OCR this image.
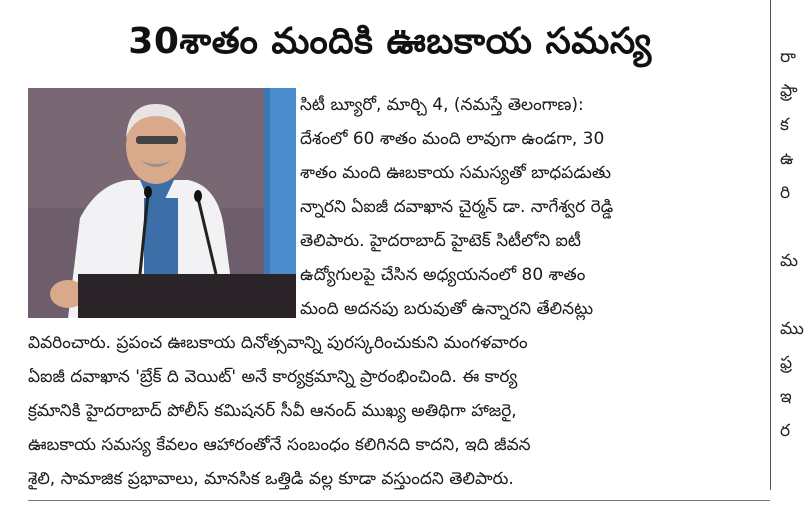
30శాతం మందికి ఊబకాయ సమస్య
సిటీ బ్యూరో, మార్చి 4, (నమస్తే తెలంగాణ):
దేశంలో 60 శాతం మంది లావుగా ఉండగా, 30
శాతం మంది ఊబకాయ సమస్యతో బాధపడుతు
న్నారని ఏఐజీ దవాఖాన చైర్మన్ డా. నాగేశ్వర రెడ్డి
తెలిపారు. హైదరాబాద్ హైటెక్ సిటీలోని ఐటీ
ఉద్యోగులపై చేసిన అధ్యయనంలో 80 శాతం
మంది అదనపు బరువుతో ఉన్నారని తేలినట్లు
వివరించారు. ప్రపంచ ఊబకాయ దినోత్సవాన్ని పురస్కరించుకుని మంగళవారం
ఏఐజీ దవాఖాన 'బ్రేక్ ది వెయిట్' అనే కార్యక్రమాన్ని ప్రారంభించింది. ఈ కార్య
క్రమానికి హైదరాబాద్ పోలీస్ కమిషనర్ సీవీ ఆనంద్ ముఖ్య అతిథిగా హాజరై,
ఊబకాయ సమస్య కేవలం ఆహారంతోనే సంబంధం కలిగినది కాదని, ఇది జీవన
శైలి, సామాజిక ప్రభావాలు, మానసిక ఒత్తిడి వల్ల కూడా వస్తుందని తెలిపారు.
రా
ఫ్రా
క
ఉ
రి
మ
ము
ఫ్ర
ఇ
ర
